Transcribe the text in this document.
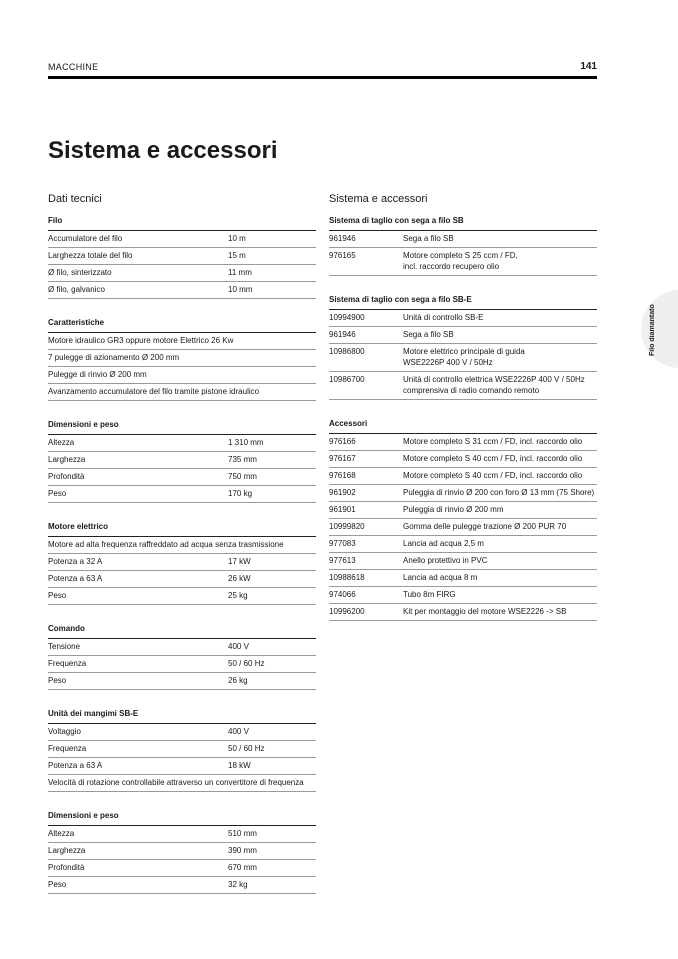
MACCHINE	141
Sistema e accessori
Filo diamantato
Dati tecnici
Filo
Accumulatore del filo	10 m
Larghezza totale del filo	15 m
Ø filo, sinterizzato	11 mm
Ø filo, galvanico	10 mm
Caratteristiche
Motore idraulico GR3 oppure motore Elettrico 26 Kw
7 pulegge di azionamento Ø 200 mm
Pulegge di rinvio Ø 200 mm
Avanzamento accumulatore del filo tramite pistone idraulico
Dimensioni e peso
Altezza	1 310 mm
Larghezza	735 mm
Profondità	750 mm
Peso	170 kg
Motore elettrico
Motore ad alta frequenza raffreddato ad acqua senza trasmissione
Potenza a 32 A	17 kW
Potenza a 63 A	26 kW
Peso	25 kg
Comando
Tensione	400 V
Frequenza	50 / 60 Hz
Peso	26 kg
Unità dei mangimi SB-E
Voltaggio	400 V
Frequenza	50 / 60 Hz
Potenza a 63 A	18 kW
Velocità di rotazione controllabile attraverso un convertitore di frequenza
Dimensioni e peso
Altezza	510 mm
Larghezza	390 mm
Profondità	670 mm
Peso	32 kg
Sistema e accessori
Sistema di taglio con sega a filo SB
961946	Sega a filo SB
976165	Motore completo S 25 ccm / FD,
incl. raccordo recupero olio
Sistema di taglio con sega a filo SB-E
10994900	Unità di controllo SB-E
961946	Sega a filo SB
10986800	Motore elettrico principale di guida
WSE2226P 400 V / 50Hz
10986700	Unità di controllo elettrica WSE2226P 400 V / 50Hz
comprensiva di radio comando remoto
Accessori
976166	Motore completo S 31 ccm / FD, incl. raccordo olio
976167	Motore completo S 40 ccm / FD, incl. raccordo olio
976168	Motore completo S 40 ccm / FD, incl. raccordo olio
961902	Puleggia di rinvio Ø 200 con foro Ø 13 mm (75 Shore)
961901	Puleggia di rinvio Ø 200 mm
10999820	Gomma delle pulegge trazione Ø 200 PUR 70
977083	Lancia ad acqua 2,5 m
977613	Anello protettivo in PVC
10988618	Lancia ad acqua 8 m
974066	Tubo 8m FIRG
10996200	Kit per montaggio del motore WSE2226 -> SB
